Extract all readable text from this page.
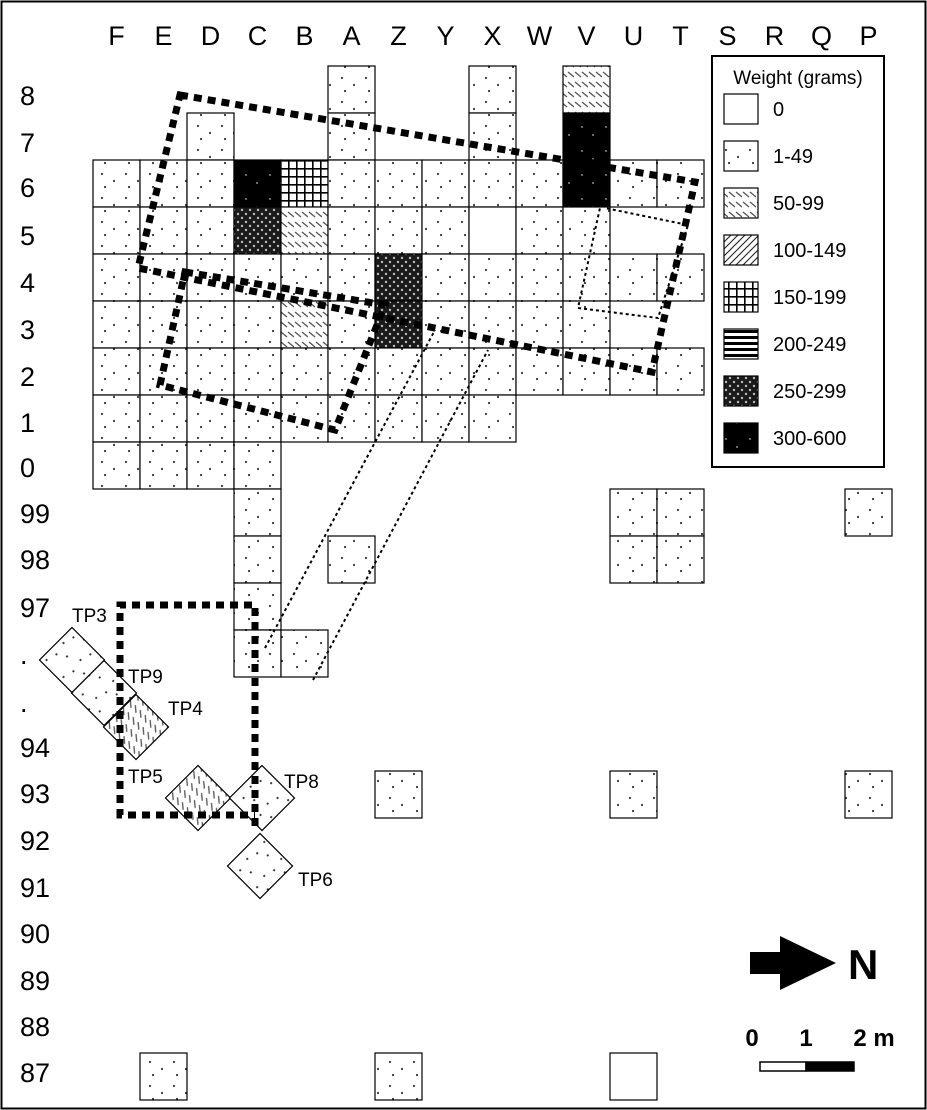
F E D C B A Z Y X W V U T S R Q P
8
7
6
5
4
3
2
1
0
99
98
97
.
.
94
93
92
91
90
89
88
87
TP3
TP9
TP4
TP5	TP8
TP6
Weight (grams)
0
1-49
50-99
100-149
150-199
200-249
250-299
300-600
N
0 1 2 m
